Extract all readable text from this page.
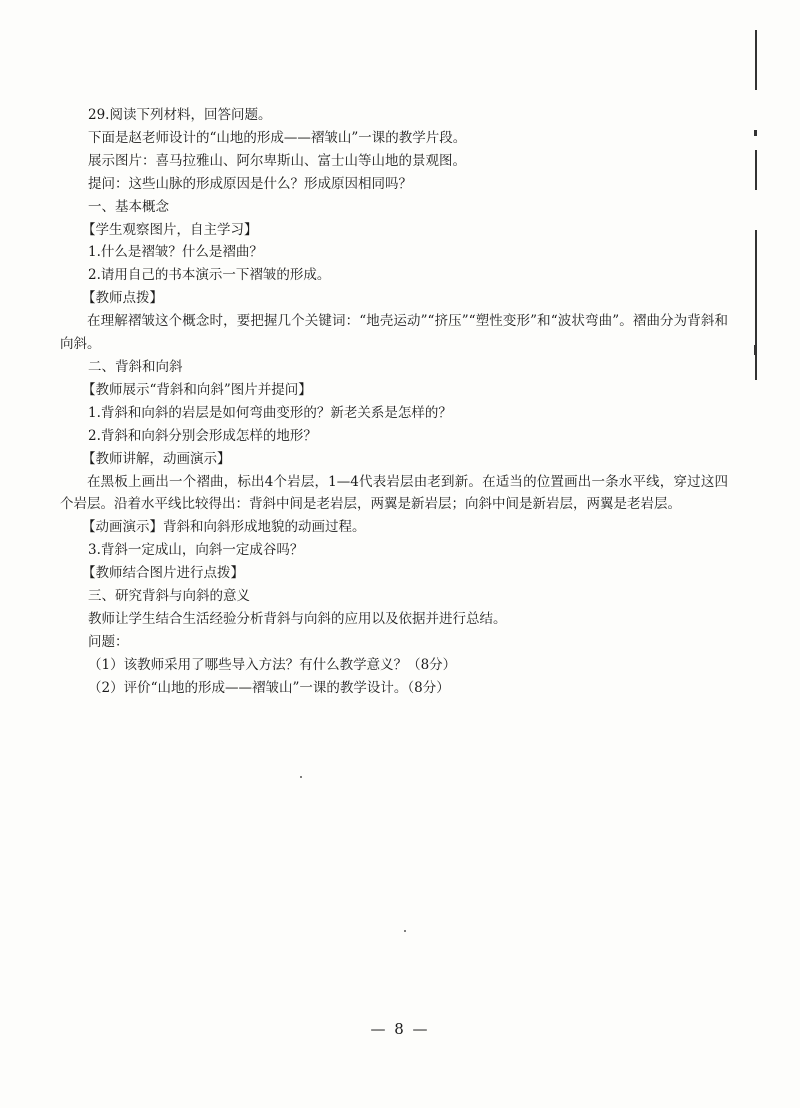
29.阅读下列材料，回答问题。
下面是赵老师设计的“山地的形成——褶皱山”一课的教学片段。
展示图片：喜马拉雅山、阿尔卑斯山、富士山等山地的景观图。
提问：这些山脉的形成原因是什么？形成原因相同吗？
一、基本概念
【学生观察图片，自主学习】
1.什么是褶皱？什么是褶曲？
2.请用自己的书本演示一下褶皱的形成。
【教师点拨】
在理解褶皱这个概念时，要把握几个关键词：“地壳运动”“挤压”“塑性变形”和“波状弯曲”。褶曲分为背斜和向斜。
二、背斜和向斜
【教师展示“背斜和向斜”图片并提问】
1.背斜和向斜的岩层是如何弯曲变形的？新老关系是怎样的？
2.背斜和向斜分别会形成怎样的地形？
【教师讲解，动画演示】
在黑板上画出一个褶曲，标出4个岩层，1—4代表岩层由老到新。在适当的位置画出一条水平线，穿过这四个岩层。沿着水平线比较得出：背斜中间是老岩层，两翼是新岩层；向斜中间是新岩层，两翼是老岩层。
【动画演示】背斜和向斜形成地貌的动画过程。
3.背斜一定成山，向斜一定成谷吗？
【教师结合图片进行点拨】
三、研究背斜与向斜的意义
教师让学生结合生活经验分析背斜与向斜的应用以及依据并进行总结。
问题：
（1）该教师采用了哪些导入方法？有什么教学意义？（8分）
（2）评价“山地的形成——褶皱山”一课的教学设计。（8分）
— 8 —
